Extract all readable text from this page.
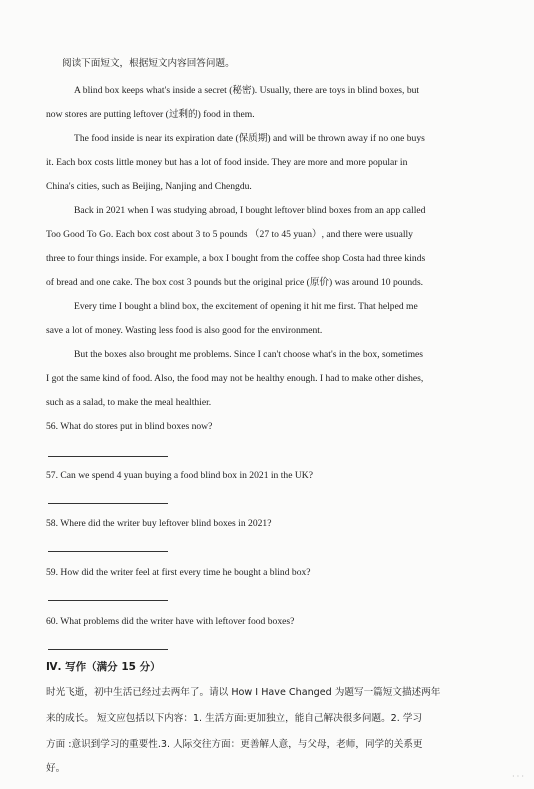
阅读下面短文，根据短文内容回答问题。
A blind box keeps what's inside a secret (秘密). Usually, there are toys in blind boxes, but
now stores are putting leftover (过剩的) food in them.
The food inside is near its expiration date (保质期) and will be thrown away if no one buys
it. Each box costs little money but has a lot of food inside. They are more and more popular in
China's cities, such as Beijing, Nanjing and Chengdu.
Back in 2021 when I was studying abroad, I bought leftover blind boxes from an app called
Too Good To Go. Each box cost about 3 to 5 pounds （27 to 45 yuan）, and there were usually
three to four things inside. For example, a box I bought from the coffee shop Costa had three kinds
of bread and one cake. The box cost 3 pounds but the original price (原价) was around 10 pounds.
Every time I bought a blind box, the excitement of opening it hit me first. That helped me
save a lot of money. Wasting less food is also good for the environment.
But the boxes also brought me problems. Since I can't choose what's in the box, sometimes
I got the same kind of food. Also, the food may not be healthy enough. I had to make other dishes,
such as a salad, to make the meal healthier.
56. What do stores put in blind boxes now?
57. Can we spend 4 yuan buying a food blind box in 2021 in the UK?
58. Where did the writer buy leftover blind boxes in 2021?
59. How did the writer feel at first every time he bought a blind box?
60. What problems did the writer have with leftover food boxes?
Ⅳ. 写作（满分 15 分）
时光飞逝，初中生活已经过去两年了。请以 How I Have Changed 为题写一篇短文描述两年
来的成长。 短文应包括以下内容：1. 生活方面:更加独立，能自己解决很多问题。2. 学习
方面 :意识到学习的重要性.3. 人际交往方面：更善解人意，与父母，老师，同学的关系更
好。
· · ·
